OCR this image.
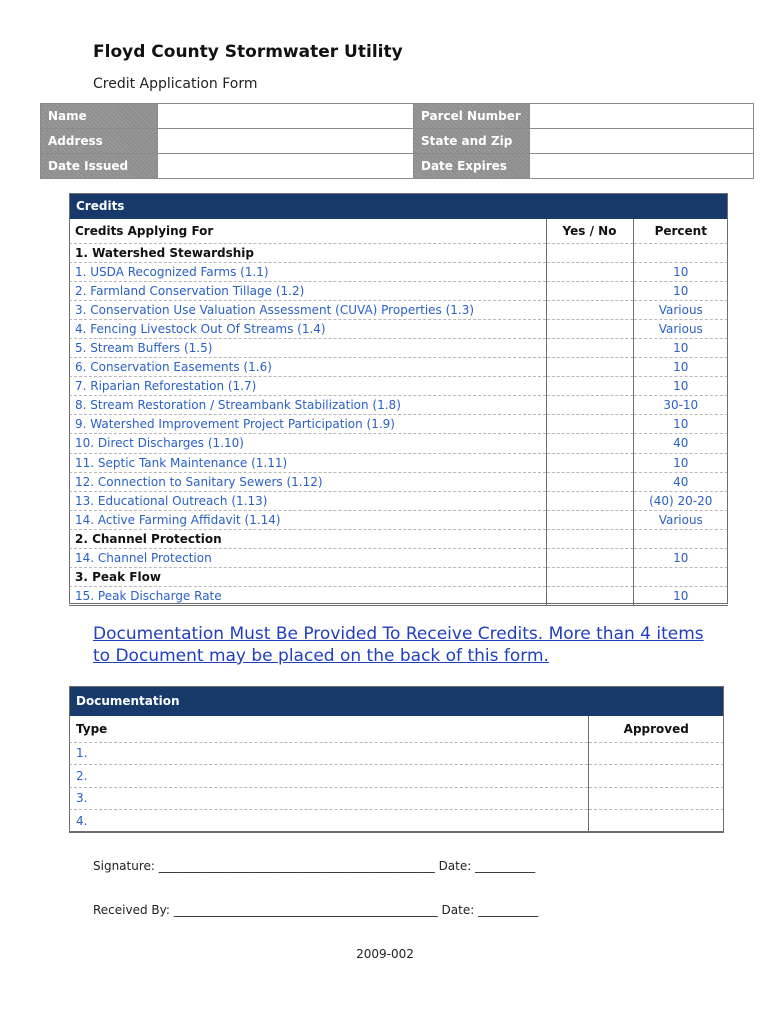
Floyd County Stormwater Utility
Credit Application Form
Name		Parcel Number	
Address		State and Zip	
Date Issued		Date Expires	
Credits		
Credits Applying For	Yes / No	Percent
1. Watershed Stewardship		
1. USDA Recognized Farms (1.1)		10
2. Farmland Conservation Tillage (1.2)		10
3. Conservation Use Valuation Assessment (CUVA) Properties (1.3)		Various
4. Fencing Livestock Out Of Streams (1.4)		Various
5. Stream Buffers (1.5)		10
6. Conservation Easements (1.6)		10
7. Riparian Reforestation (1.7)		10
8. Stream Restoration / Streambank Stabilization (1.8)		30-10
9. Watershed Improvement Project Participation (1.9)		10
10. Direct Discharges (1.10)		40
11. Septic Tank Maintenance (1.11)		10
12. Connection to Sanitary Sewers (1.12)		40
13. Educational Outreach (1.13)		(40) 20-20
14. Active Farming Affidavit (1.14)		Various
2. Channel Protection		
14. Channel Protection		10
3. Peak Flow		
15. Peak Discharge Rate		10
Documentation Must Be Provided To Receive Credits. More than 4 items to Document may be placed on the back of this form.
Documentation	
Type	Approved
1.	
2.	
3.	
4.	
Signature: ______________________________________________ Date: __________
Received By: ____________________________________________ Date: __________
2009-002
